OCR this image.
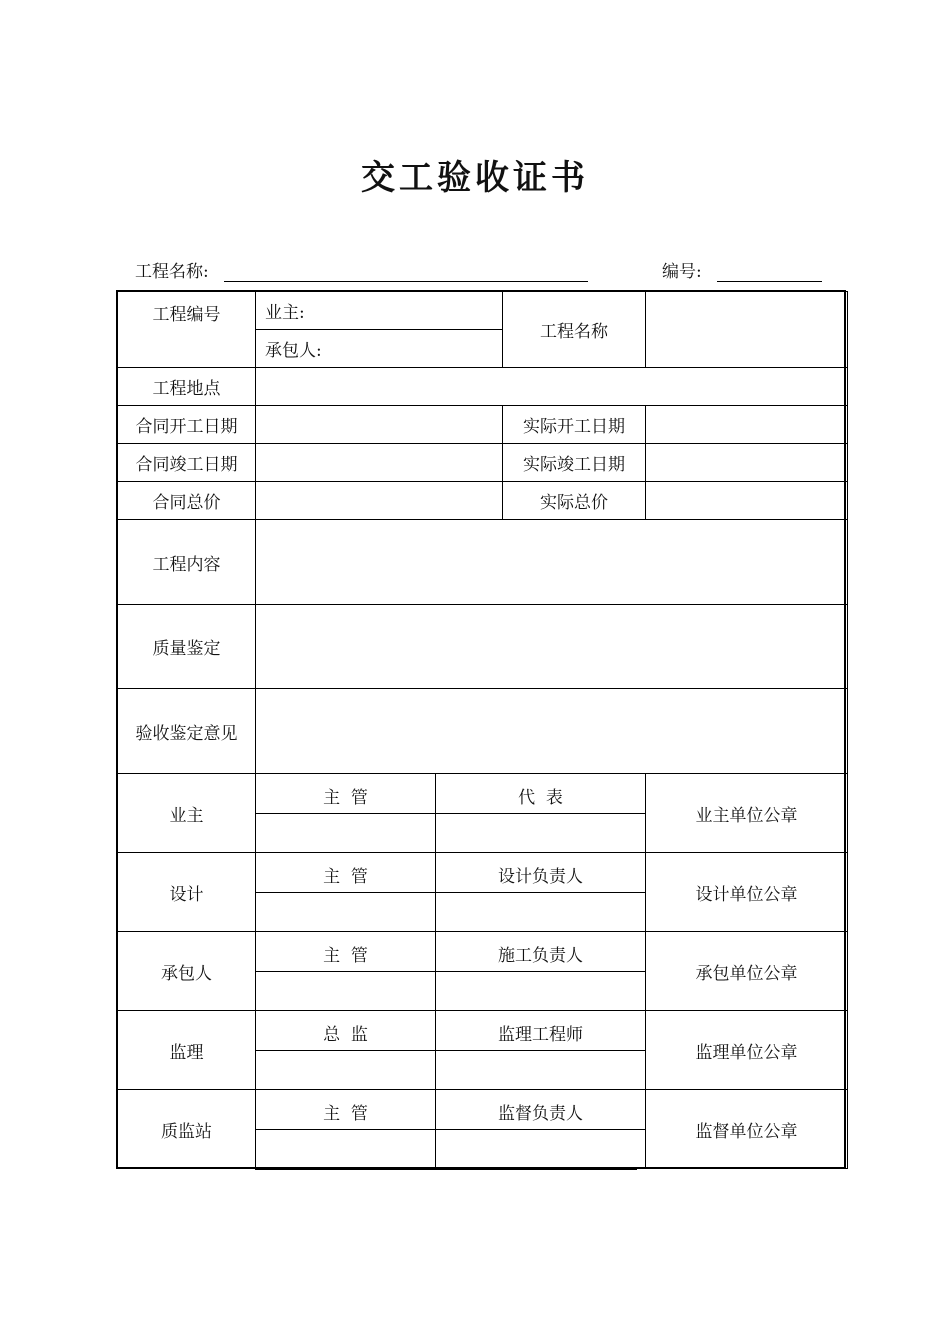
交工验收证书
工程名称:	编号:
工程编号	业主:		工程名称	
	承包人:			
工程地点				
合同开工日期			实际开工日期	
合同竣工日期			实际竣工日期	
合同总价			实际总价	
工程内容				
质量鉴定				
验收鉴定意见				
业主	主  管	代  表		业主单位公章

设计	主  管	设计负责人		设计单位公章

承包人	主  管	施工负责人		承包单位公章

监理	总  监	监理工程师		监理单位公章

质监站	主  管	监督负责人		监督单位公章
